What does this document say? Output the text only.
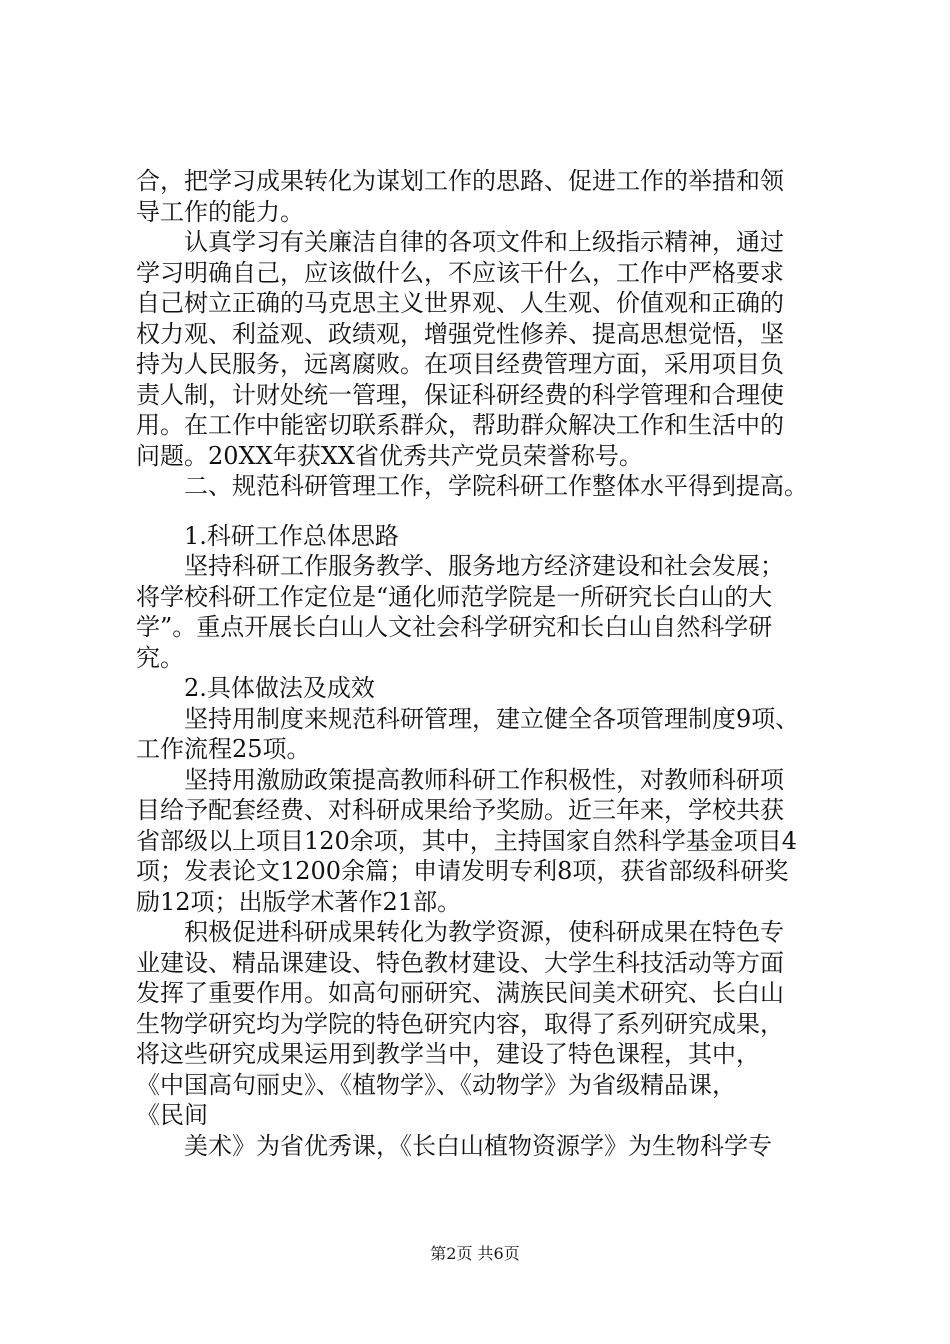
合，把学习成果转化为谋划工作的思路、促进工作的举措和领
导工作的能力。
　　认真学习有关廉洁自律的各项文件和上级指示精神，通过
学习明确自己，应该做什么，不应该干什么，工作中严格要求
自己树立正确的马克思主义世界观、人生观、价值观和正确的
权力观、利益观、政绩观，增强党性修养、提高思想觉悟，坚
持为人民服务，远离腐败。在项目经费管理方面，采用项目负
责人制，计财处统一管理，保证科研经费的科学管理和合理使
用。在工作中能密切联系群众，帮助群众解决工作和生活中的
问题。20XX年获XX省优秀共产党员荣誉称号。
　　二、规范科研管理工作，学院科研工作整体水平得到提高。
　　1.科研工作总体思路
　　坚持科研工作服务教学、服务地方经济建设和社会发展；
将学校科研工作定位是“通化师范学院是一所研究长白山的大
学”。重点开展长白山人文社会科学研究和长白山自然科学研
究。
　　2.具体做法及成效
　　坚持用制度来规范科研管理，建立健全各项管理制度9项、
工作流程25项。
　　坚持用激励政策提高教师科研工作积极性，对教师科研项
目给予配套经费、对科研成果给予奖励。近三年来，学校共获
省部级以上项目120余项，其中，主持国家自然科学基金项目4
项；发表论文1200余篇；申请发明专利8项，获省部级科研奖
励12项；出版学术著作21部。
　　积极促进科研成果转化为教学资源，使科研成果在特色专
业建设、精品课建设、特色教材建设、大学生科技活动等方面
发挥了重要作用。如高句丽研究、满族民间美术研究、长白山
生物学研究均为学院的特色研究内容，取得了系列研究成果，
将这些研究成果运用到教学当中，建设了特色课程，其中，
《中国高句丽史》、《植物学》、《动物学》为省级精品课，
《民间
　　美术》为省优秀课，《长白山植物资源学》为生物科学专
第2页 共6页
